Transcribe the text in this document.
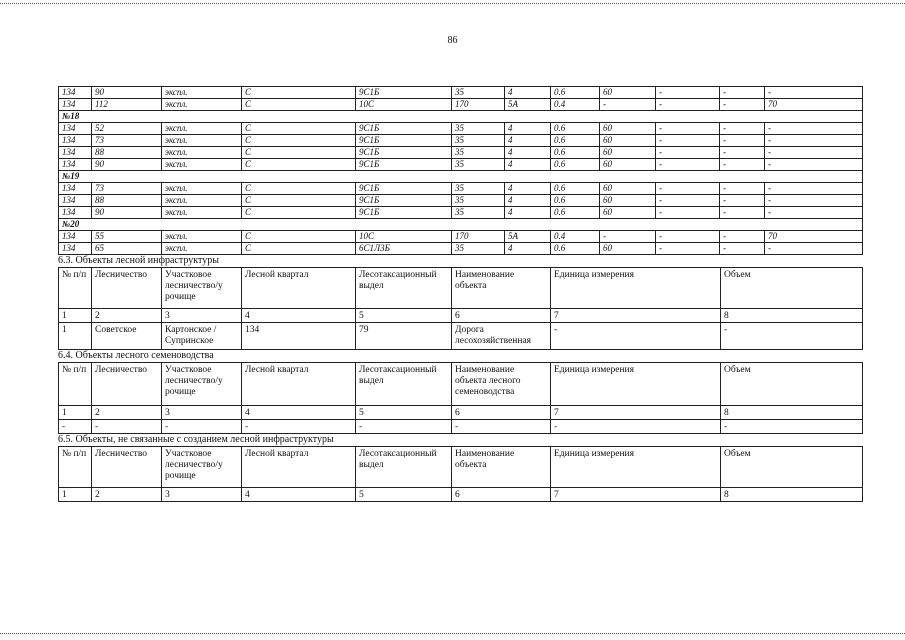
86
134	90	экспл.	С	9С1Б	35	4	0.6	60	-	-	-
134	112	экспл.	С	10С	170	5А	0.4	-	-	-	70
№18											
134	52	экспл.	С	9С1Б	35	4	0.6	60	-	-	-
134	73	экспл.	С	9С1Б	35	4	0.6	60	-	-	-
134	88	экспл.	С	9С1Б	35	4	0.6	60	-	-	-
134	90	экспл.	С	9С1Б	35	4	0.6	60	-	-	-
№19											
134	73	экспл.	С	9С1Б	35	4	0.6	60	-	-	-
134	88	экспл.	С	9С1Б	35	4	0.6	60	-	-	-
134	90	экспл.	С	9С1Б	35	4	0.6	60	-	-	-
№20											
134	55	экспл.	С	10С	170	5А	0.4	-	-	-	70
134	65	экспл.	С	6С1Л3Б	35	4	0.6	60	-	-	-
6.3. Объекты лесной инфраструктуры
№ п/п	Лесничество	Участковое лесничество/у рочище	Лесной квартал	Лесотаксационный выдел	Наименование объекта	Единица измерения	Объем
1	2	3	4	5	6	7	8
1	Советское	Картонское / Супринское	134	79	Дорога лесохозяйственная	-	-
6.4. Объекты лесного семеноводства
№ п/п	Лесничество	Участковое лесничество/у рочище	Лесной квартал	Лесотаксационный выдел	Наименование объекта лесного семеноводства	Единица измерения	Объем
1	2	3	4	5	6	7	8
-	-	-	-	-	-	-	-
6.5. Объекты, не связанные с созданием лесной инфраструктуры
№ п/п	Лесничество	Участковое лесничество/у рочище	Лесной квартал	Лесотаксационный выдел	Наименование объекта	Единица измерения	Объем
1	2	3	4	5	6	7	8
